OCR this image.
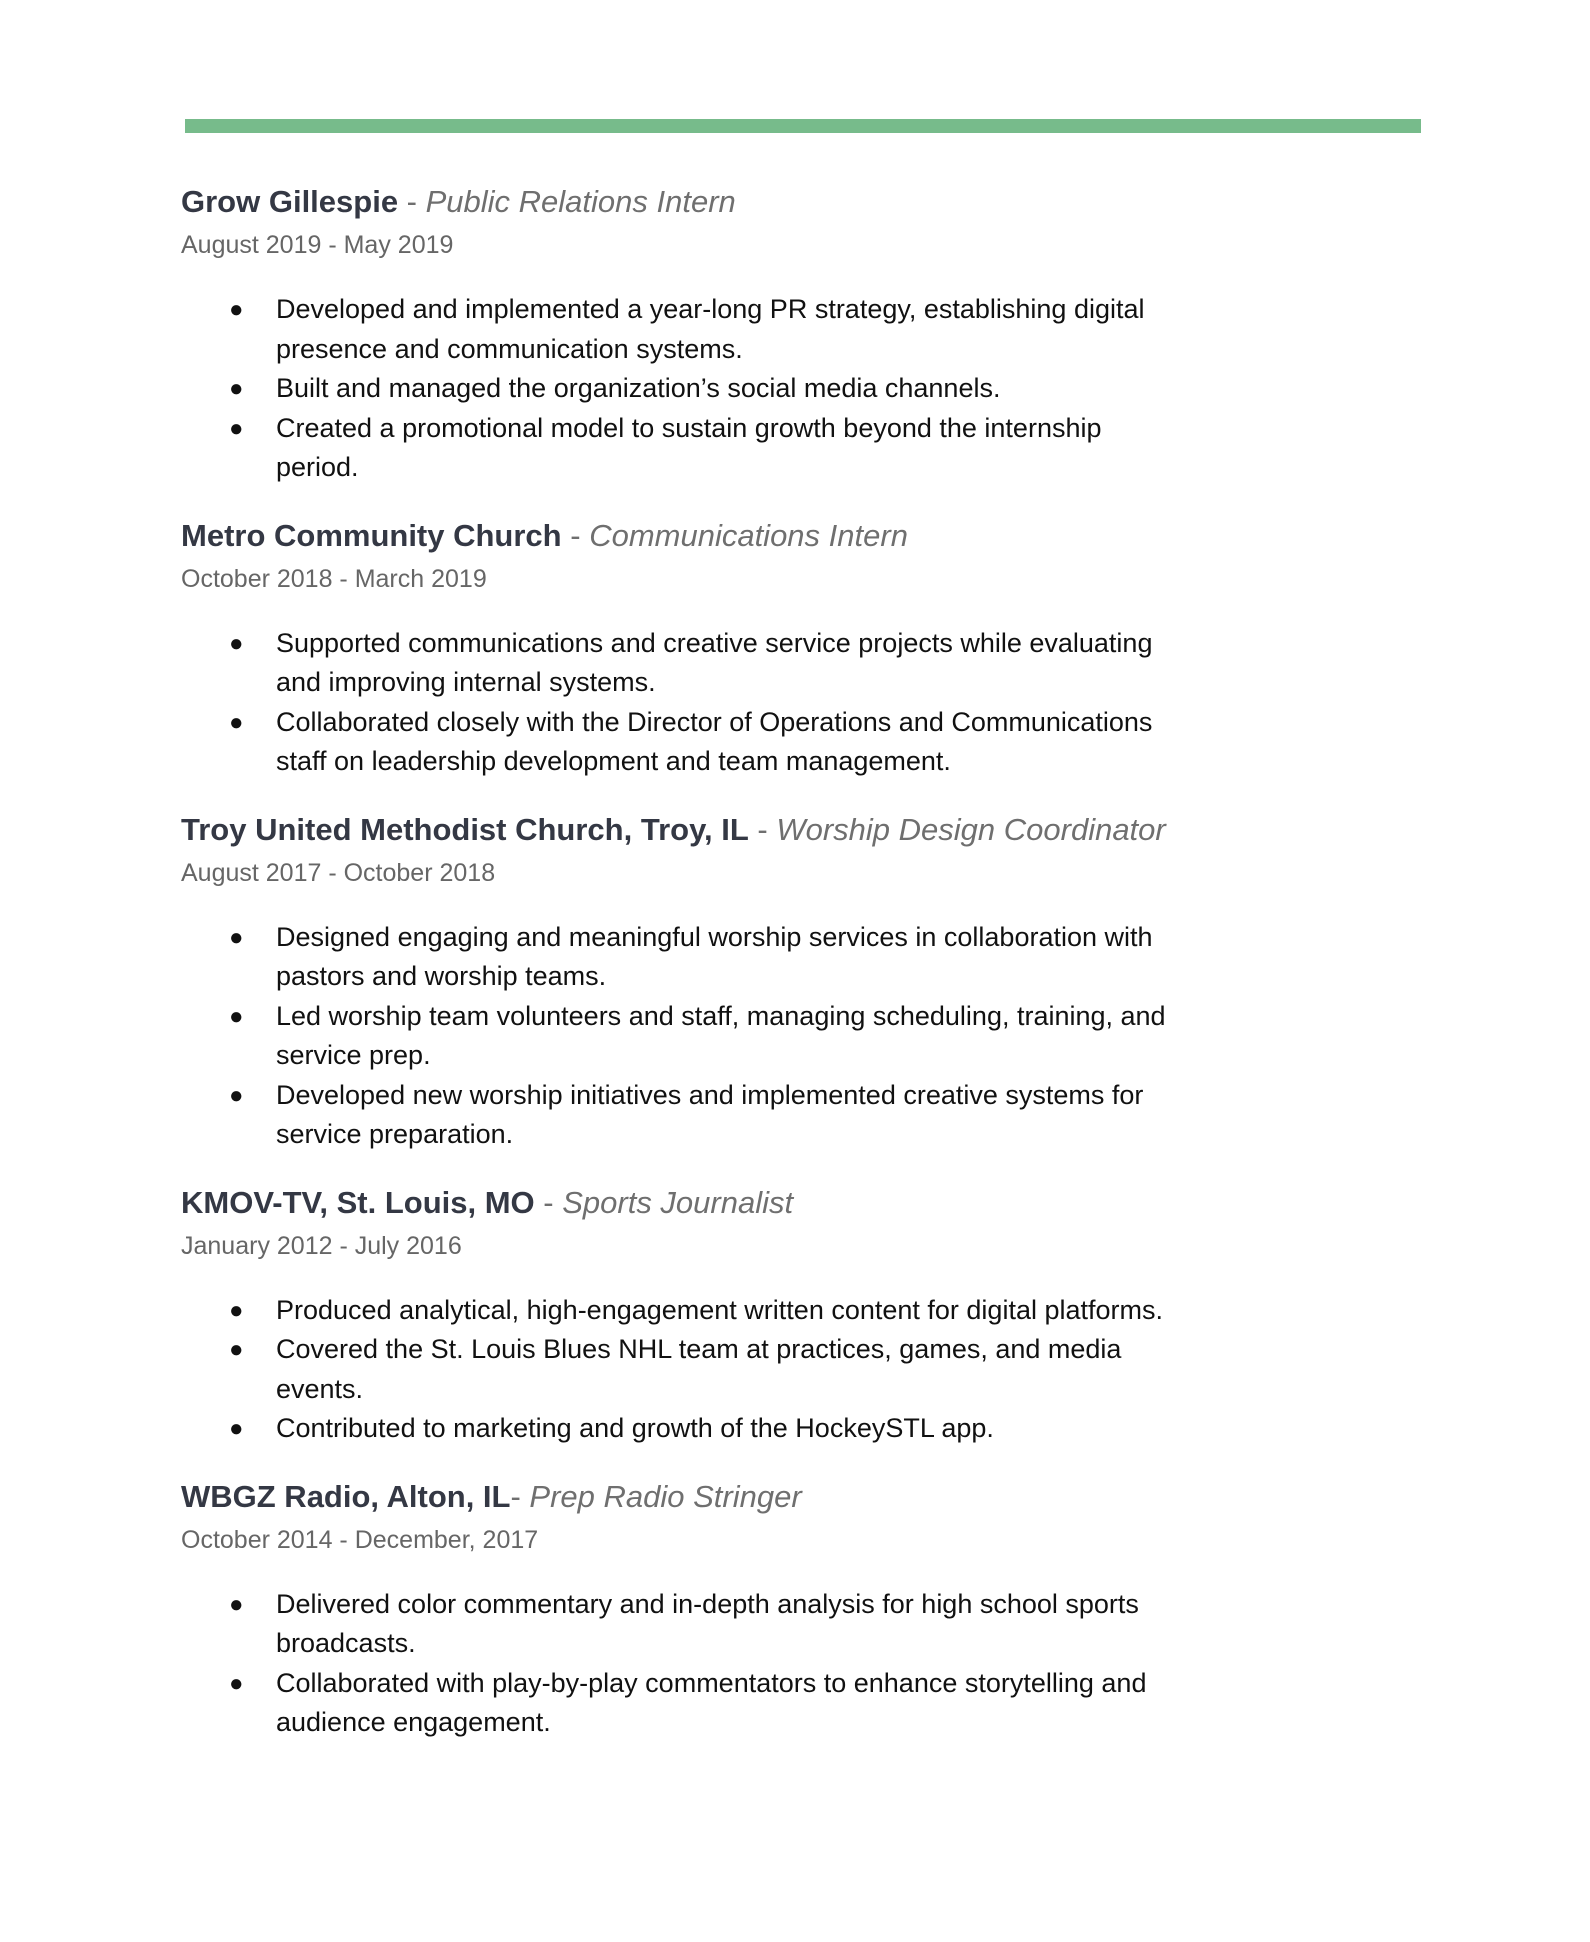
Grow Gillespie - Public Relations Intern
August 2019 - May 2019
● Developed and implemented a year-long PR strategy, establishing digital presence and communication systems.
● Built and managed the organization’s social media channels.
● Created a promotional model to sustain growth beyond the internship period.
Metro Community Church - Communications Intern
October 2018 - March 2019
● Supported communications and creative service projects while evaluating and improving internal systems.
● Collaborated closely with the Director of Operations and Communications staff on leadership development and team management.
Troy United Methodist Church, Troy, IL - Worship Design Coordinator
August 2017 - October 2018
● Designed engaging and meaningful worship services in collaboration with pastors and worship teams.
● Led worship team volunteers and staff, managing scheduling, training, and service prep.
● Developed new worship initiatives and implemented creative systems for service preparation.
KMOV-TV, St. Louis, MO - Sports Journalist
January 2012 - July 2016
● Produced analytical, high-engagement written content for digital platforms.
● Covered the St. Louis Blues NHL team at practices, games, and media events.
● Contributed to marketing and growth of the HockeySTL app.
WBGZ Radio, Alton, IL- Prep Radio Stringer
October 2014 - December, 2017
● Delivered color commentary and in-depth analysis for high school sports broadcasts.
● Collaborated with play-by-play commentators to enhance storytelling and audience engagement.
